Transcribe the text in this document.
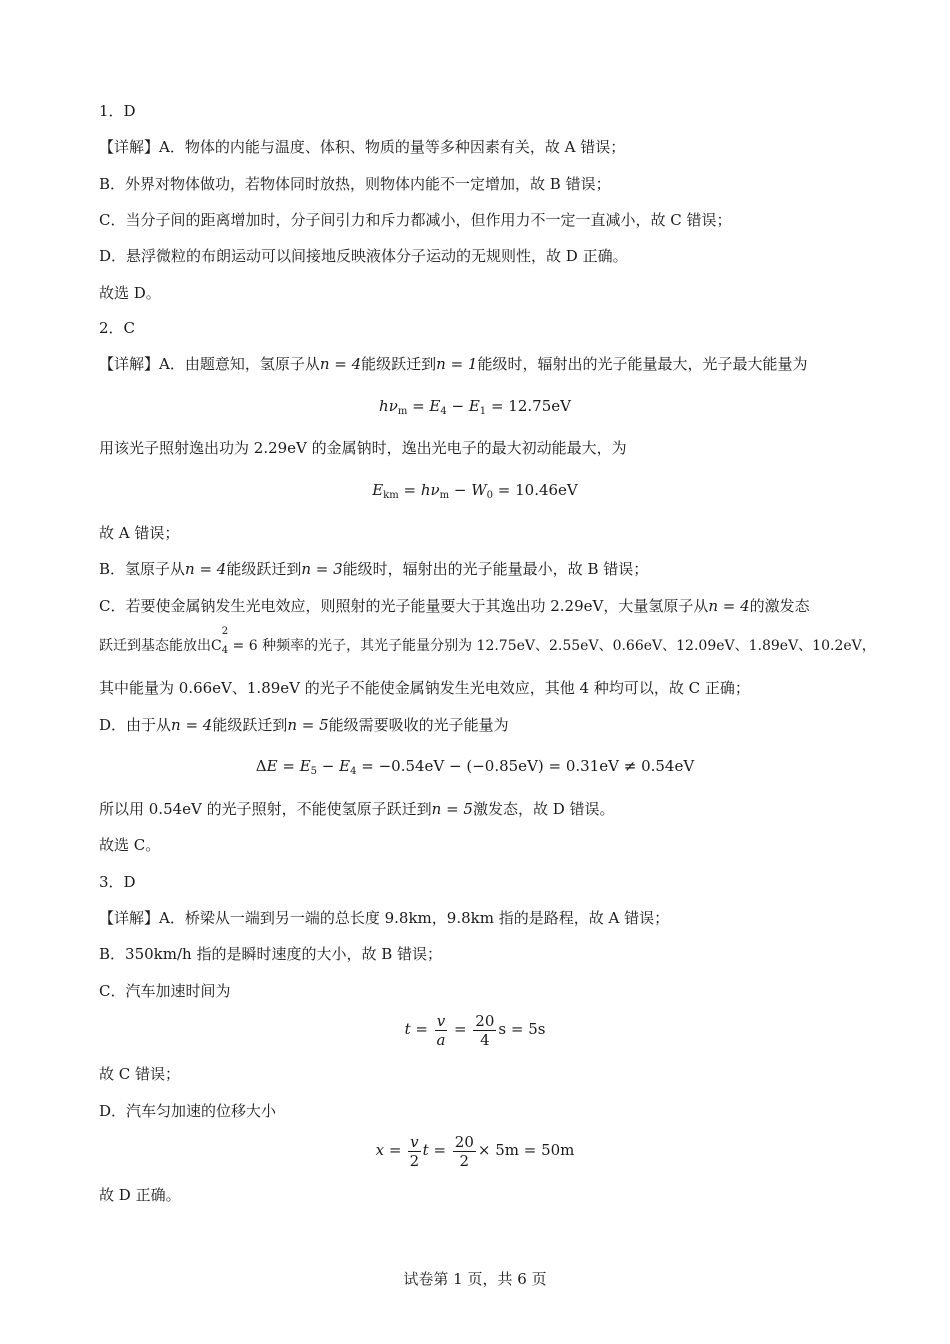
1．D
【详解】A．物体的内能与温度、体积、物质的量等多种因素有关，故 A 错误；
B．外界对物体做功，若物体同时放热，则物体内能不一定增加，故 B 错误；
C．当分子间的距离增加时，分子间引力和斥力都减小，但作用力不一定一直减小，故 C 错误；
D．悬浮微粒的布朗运动可以间接地反映液体分子运动的无规则性，故 D 正确。
故选 D。
2．C
【详解】A．由题意知，氢原子从n = 4能级跃迁到n = 1能级时，辐射出的光子能量最大，光子最大能量为
$h\nu_m = E_4 - E_1 = 12.75eV$
用该光子照射逸出功为 2.29eV 的金属钠时，逸出光电子的最大初动能最大，为
$E_{km} = h\nu_m - W_0 = 10.46eV$
故 A 错误；
B．氢原子从n = 4能级跃迁到n = 3能级时，辐射出的光子能量最小，故 B 错误；
C．若要使金属钠发生光电效应，则照射的光子能量要大于其逸出功 2.29eV，大量氢原子从n = 4的激发态
跃迁到基态能放出C
2
$_4$ = 6 种频率的光子，其光子能量分别为 12.75eV、2.55eV、0.66eV、12.09eV、1.89eV、10.2eV，
其中能量为 0.66eV、1.89eV 的光子不能使金属钠发生光电效应，其他 4 种均可以，故 C 正确；
D．由于从n = 4能级跃迁到n = 5能级需要吸收的光子能量为
$\Delta E = E_5 - E_4 = -0.54eV - (-0.85eV) = 0.31eV \ne 0.54eV$
所以用 0.54eV 的光子照射，不能使氢原子跃迁到n = 5激发态，故 D 错误。
故选 C。
3．D
【详解】A．桥梁从一端到另一端的总长度 9.8km，9.8km 指的是路程，故 A 错误；
B．350km/h 指的是瞬时速度的大小，故 B 错误；
C．汽车加速时间为
$t = \frac{v}{a} = \frac{20}{4}$ s = 5s
故 C 错误；
D．汽车匀加速的位移大小
$x = \frac{v}{2}$ $t = \frac{20}{2} \times 5m = 50m$
故 D 正确。
试卷第 1 页，共 6 页
